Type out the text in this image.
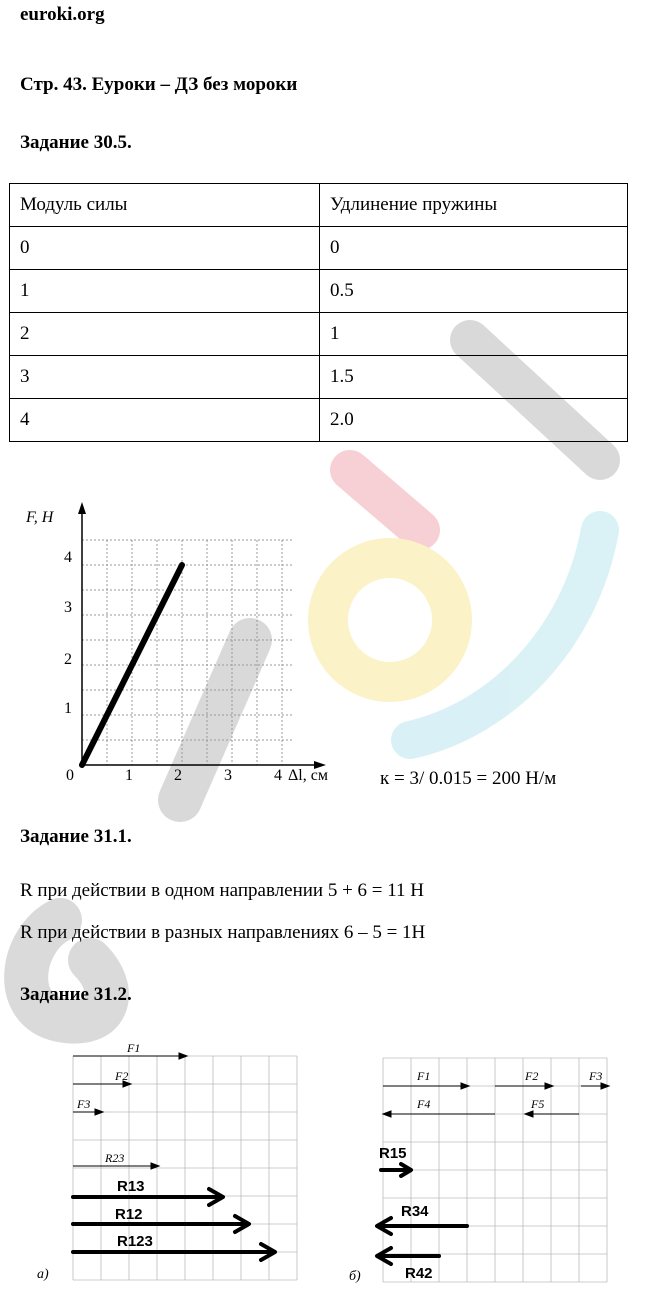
euroki.org
Стр. 43. Еуроки – ДЗ без мороки
Задание 30.5.
Модуль силы	Удлинение пружины
0	0
1	0.5
2	1
3	1.5
4	2.0
F, Н
1
2
3
4
0	1	2	3	4 Δl, см	к = 3/ 0.015 = 200 Н/м
Задание 31.1.
R при действии в одном направлении 5 + 6 = 11 Н
R при действии в разных направлениях 6 – 5 = 1Н
Задание 31.2.
F1
F2
F3
R23
R13
R12
R123
а)
F1	F2	F3
F4	F5
R15
R34
R42
б)
